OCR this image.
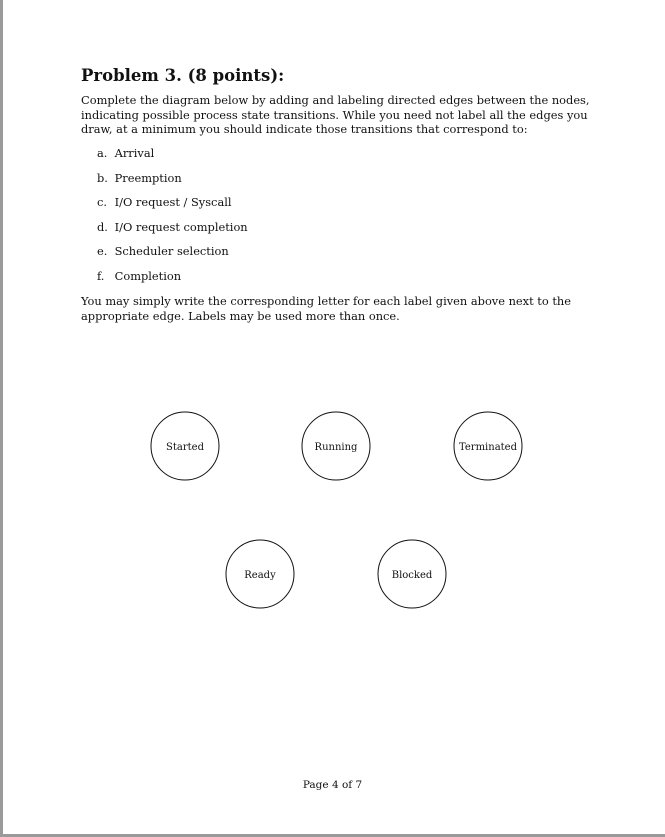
Problem 3. (8 points):

Complete the diagram below by adding and labeling directed edges between the nodes, indicating possible process state transitions. While you need not label all the edges you draw, at a minimum you should indicate those transitions that correspond to:

a. Arrival
b. Preemption
c. I/O request / Syscall
d. I/O request completion
e. Scheduler selection
f. Completion

You may simply write the corresponding letter for each label given above next to the appropriate edge. Labels may be used more than once.

Started	Running	Terminated
Ready	Blocked

Page 4 of 7
